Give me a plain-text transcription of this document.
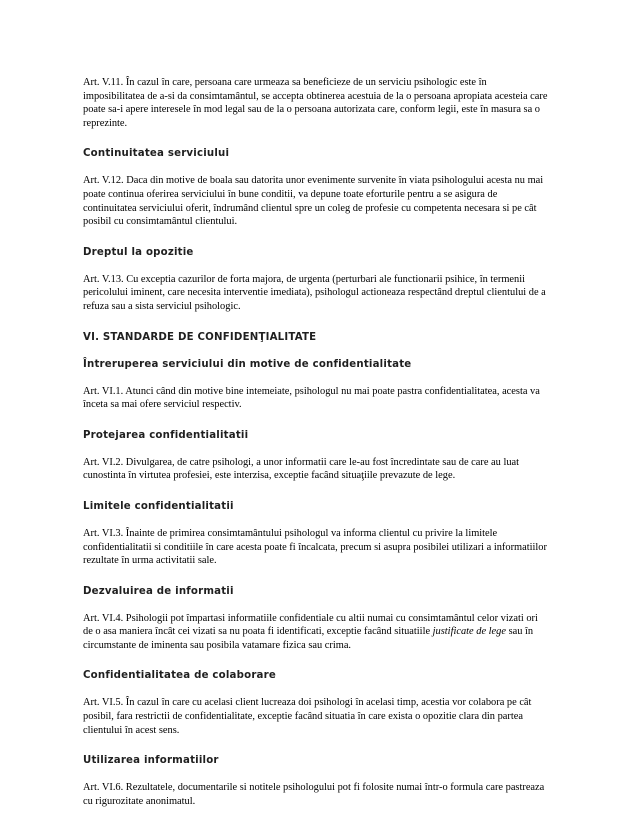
Art. V.11. În cazul în care, persoana care urmeaza sa beneficieze de un serviciu psihologic este în imposibilitatea de a-si da consimtamântul, se accepta obtinerea acestuia de la o persoana apropiata acesteia care poate sa-i apere interesele în mod legal sau de la o persoana autorizata care, conform legii, este în masura sa o reprezinte.

Continuitatea serviciului

Art. V.12. Daca din motive de boala sau datorita unor evenimente survenite în viata psihologului acesta nu mai poate continua oferirea serviciului în bune conditii, va depune toate eforturile pentru a se asigura de continuitatea serviciului oferit, îndrumând clientul spre un coleg de profesie cu competenta necesara si pe cât posibil cu consimtamântul clientului.

Dreptul la opozitie

Art. V.13. Cu exceptia cazurilor de forta majora, de urgenta (perturbari ale functionarii psihice, în termenii pericolului iminent, care necesita interventie imediata), psihologul actioneaza respectând dreptul clientului de a refuza sau a sista serviciul psihologic.

VI. STANDARDE DE CONFIDENŢIALITATE

Întreruperea serviciului din motive de confidentialitate

Art. VI.1. Atunci când din motive bine intemeiate, psihologul nu mai poate pastra confidentialitatea, acesta va înceta sa mai ofere serviciul respectiv.

Protejarea confidentialitatii

Art. VI.2. Divulgarea, de catre psihologi, a unor informatii care le-au fost încredintate sau de care au luat cunostinta în virtutea profesiei, este interzisa, exceptie facând situaţiile prevazute de lege.

Limitele confidentialitatii

Art. VI.3. Înainte de primirea consimtamântului psihologul va informa clientul cu privire la limitele confidentialitatii si conditiile în care acesta poate fi încalcata, precum si asupra posibilei utilizari a informatiilor rezultate în urma activitatii sale.

Dezvaluirea de informatii

Art. VI.4. Psihologii pot împartasi informatiile confidentiale cu altii numai cu consimtamântul celor vizati ori de o asa maniera încât cei vizati sa nu poata fi identificati, exceptie facând situatiile justificate de lege sau în circumstante de iminenta sau posibila vatamare fizica sau crima.

Confidentialitatea de colaborare

Art. VI.5. În cazul în care cu acelasi client lucreaza doi psihologi în acelasi timp, acestia vor colabora pe cât posibil, fara restrictii de confidentialitate, exceptie facând situatia în care exista o opozitie clara din partea clientului în acest sens.

Utilizarea informatiilor

Art. VI.6. Rezultatele, documentarile si notitele psihologului pot fi folosite numai într-o formula care pastreaza cu rigurozitate anonimatul.
